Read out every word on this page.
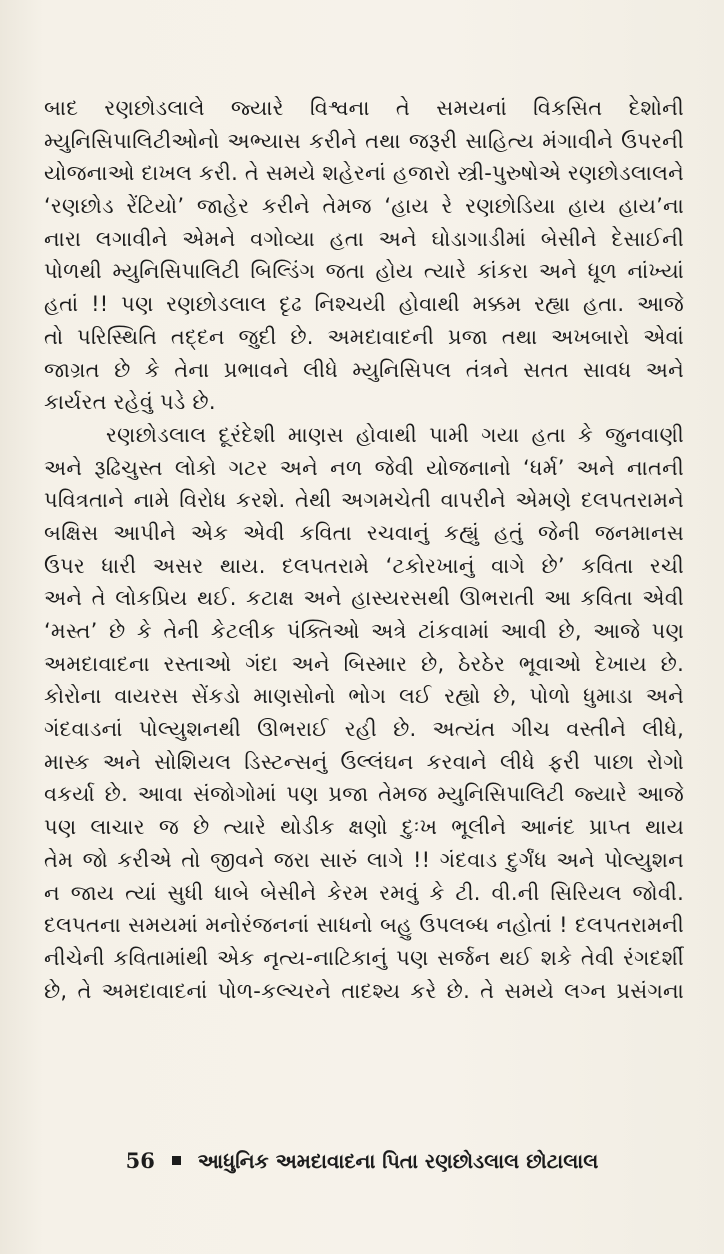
બાદ રણછોડલાલે જ્યારે વિશ્વના તે સમયનાં વિકસિત દેશોની
મ્યુનિસિપાલિટીઓનો અભ્યાસ કરીને તથા જરૂરી સાહિત્ય મંગાવીને ઉપરની
યોજનાઓ દાખલ કરી. તે સમયે શહેરનાં હજારો સ્ત્રી-પુરુષોએ રણછોડલાલને
‘રણછોડ રેંટિયો’ જાહેર કરીને તેમજ ‘હાય રે રણછોડિયા હાય હાય’ના
નારા લગાવીને એમને વગોવ્યા હતા અને ઘોડાગાડીમાં બેસીને દેસાઈની
પોળથી મ્યુનિસિપાલિટી બિલ્ડિંગ જતા હોય ત્યારે કાંકરા અને ધૂળ નાંખ્યાં
હતાં !! પણ રણછોડલાલ દૃઢ નિશ્ચયી હોવાથી મક્કમ રહ્યા હતા. આજે
તો પરિસ્થિતિ તદ્દન જુદી છે. અમદાવાદની પ્રજા તથા અખબારો એવાં
જાગ્રત છે કે તેના પ્રભાવને લીધે મ્યુનિસિપલ તંત્રને સતત સાવધ અને
કાર્યરત રહેવું પડે છે.
રણછોડલાલ દૂરંદેશી માણસ હોવાથી પામી ગયા હતા કે જુનવાણી
અને રૂઢિચુસ્ત લોકો ગટર અને નળ જેવી યોજનાનો ‘ધર્મ’ અને નાતની
પવિત્રતાને નામે વિરોધ કરશે. તેથી અગમચેતી વાપરીને એમણે દલપતરામને
બક્ષિસ આપીને એક એવી કવિતા રચવાનું કહ્યું હતું જેની જનમાનસ
ઉપર ધારી અસર થાય. દલપતરામે ‘ટકોરખાનું વાગે છે’ કવિતા રચી
અને તે લોકપ્રિય થઈ. કટાક્ષ અને હાસ્યરસથી ઊભરાતી આ કવિતા એવી
‘મસ્ત’ છે કે તેની કેટલીક પંક્તિઓ અત્રે ટાંકવામાં આવી છે, આજે પણ
અમદાવાદના રસ્તાઓ ગંદા અને બિસ્માર છે, ઠેરઠેર ભૂવાઓ દેખાય છે.
કોરોના વાયરસ સેંકડો માણસોનો ભોગ લઈ રહ્યો છે, પોળો ધુમાડા અને
ગંદવાડનાં પોલ્યુશનથી ઊભરાઈ રહી છે. અત્યંત ગીચ વસ્તીને લીધે,
માસ્ક અને સોશિયલ ડિસ્ટન્સનું ઉલ્લંઘન કરવાને લીધે ફરી પાછા રોગો
વકર્યા છે. આવા સંજોગોમાં પણ પ્રજા તેમજ મ્યુનિસિપાલિટી જ્યારે આજે
પણ લાચાર જ છે ત્યારે થોડીક ક્ષણો દુઃખ ભૂલીને આનંદ પ્રાપ્ત થાય
તેમ જો કરીએ તો જીવને જરા સારું લાગે !! ગંદવાડ દુર્ગંધ અને પોલ્યુશન
ન જાય ત્યાં સુધી ધાબે બેસીને કેરમ રમવું કે ટી. વી.ની સિરિયલ જોવી.
દલપતના સમયમાં મનોરંજનનાં સાધનો બહુ ઉપલબ્ધ નહોતાં ! દલપતરામની
નીચેની કવિતામાંથી એક નૃત્ય-નાટિકાનું પણ સર્જન થઈ શકે તેવી રંગદર્શી
છે, તે અમદાવાદનાં પોળ-કલ્ચરને તાદશ્ય કરે છે. તે સમયે લગ્ન પ્રસંગના
56 આધુનિક અમદાવાદના પિતા રણછોડલાલ છોટાલાલ
